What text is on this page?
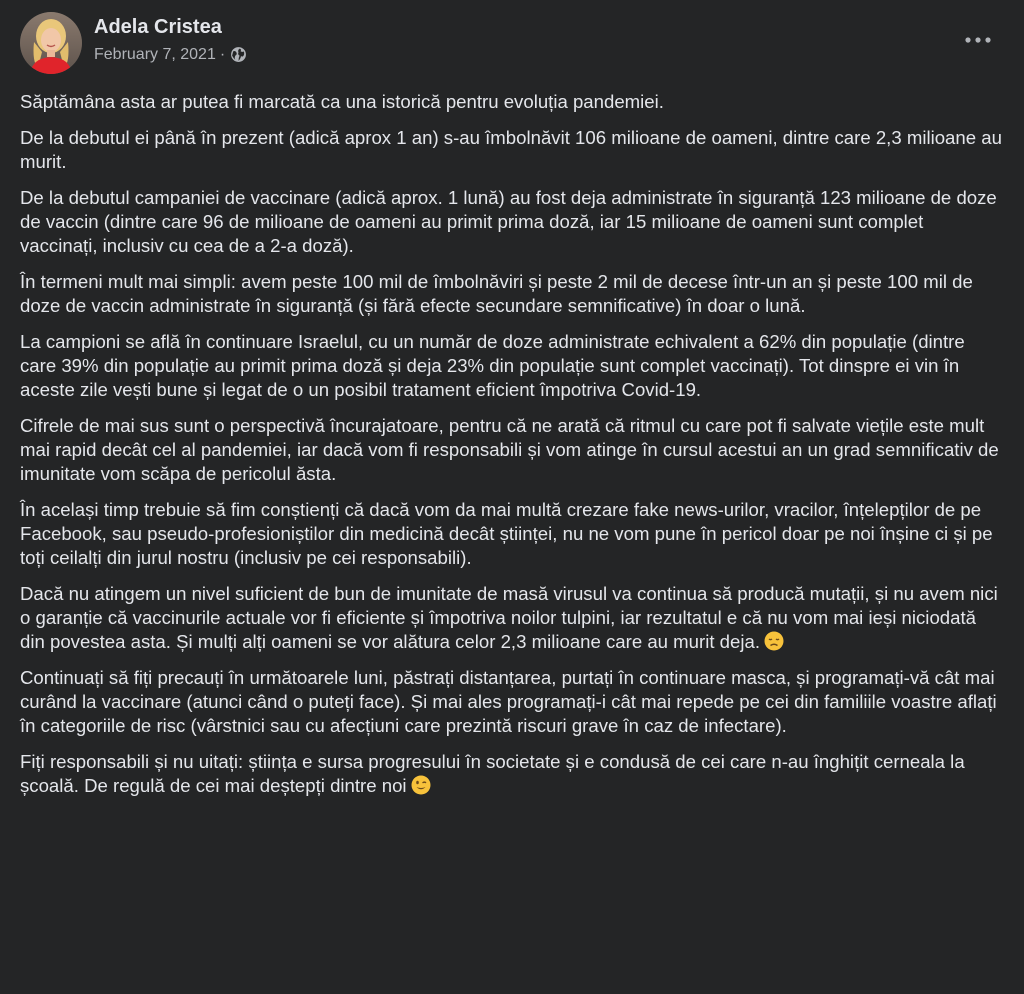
Adela Cristea
February 7, 2021 ·

Săptămâna asta ar putea fi marcată ca una istorică pentru evoluția pandemiei.

De la debutul ei până în prezent (adică aprox 1 an) s-au îmbolnăvit 106 milioane de oameni, dintre care 2,3 milioane au murit.

De la debutul campaniei de vaccinare (adică aprox. 1 lună) au fost deja administrate în siguranță 123 milioane de doze de vaccin (dintre care 96 de milioane de oameni au primit prima doză, iar 15 milioane de oameni sunt complet vaccinați, inclusiv cu cea de a 2-a doză).

În termeni mult mai simpli: avem peste 100 mil de îmbolnăviri și peste 2 mil de decese într-un an și peste 100 mil de doze de vaccin administrate în siguranță (și fără efecte secundare semnificative) în doar o lună.

La campioni se află în continuare Israelul, cu un număr de doze administrate echivalent a 62% din populație (dintre care 39% din populație au primit prima doză și deja 23% din populație sunt complet vaccinați). Tot dinspre ei vin în aceste zile vești bune și legat de o un posibil tratament eficient împotriva Covid-19.

Cifrele de mai sus sunt o perspectivă încurajatoare, pentru că ne arată că ritmul cu care pot fi salvate viețile este mult mai rapid decât cel al pandemiei, iar dacă vom fi responsabili și vom atinge în cursul acestui an un grad semnificativ de imunitate vom scăpa de pericolul ăsta.

În același timp trebuie să fim conștienți că dacă vom da mai multă crezare fake news-urilor, vracilor, înțelepților de pe Facebook, sau pseudo-profesioniștilor din medicină decât științei, nu ne vom pune în pericol doar pe noi înșine ci și pe toți ceilalți din jurul nostru (inclusiv pe cei responsabili).

Dacă nu atingem un nivel suficient de bun de imunitate de masă virusul va continua să producă mutații, și nu avem nici o garanție că vaccinurile actuale vor fi eficiente și împotriva noilor tulpini, iar rezultatul e că nu vom mai ieși niciodată din povestea asta. Și mulți alți oameni se vor alătura celor 2,3 milioane care au murit deja.

Continuați să fiți precauți în următoarele luni, păstrați distanțarea, purtați în continuare masca, și programați-vă cât mai curând la vaccinare (atunci când o puteți face). Și mai ales programați-i cât mai repede pe cei din familiile voastre aflați în categoriile de risc (vârstnici sau cu afecțiuni care prezintă riscuri grave în caz de infectare).

Fiți responsabili și nu uitați: știința e sursa progresului în societate și e condusă de cei care n-au înghițit cerneala la școală. De regulă de cei mai deștepți dintre noi
